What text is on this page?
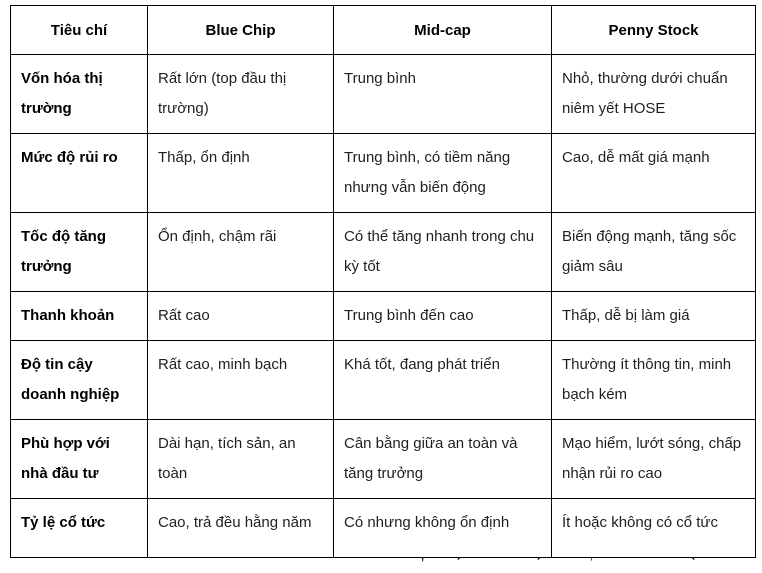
Tiêu chí	Blue Chip	Mid-cap	Penny Stock
Vốn hóa thị trường	Rất lớn (top đầu thị trường)	Trung bình	Nhỏ, thường dưới chuẩn niêm yết HOSE
Mức độ rủi ro	Thấp, ổn định	Trung bình, có tiềm năng nhưng vẫn biến động	Cao, dễ mất giá mạnh
Tốc độ tăng trưởng	Ổn định, chậm rãi	Có thể tăng nhanh trong chu kỳ tốt	Biến động mạnh, tăng sốc giảm sâu
Thanh khoản	Rất cao	Trung bình đến cao	Thấp, dễ bị làm giá
Độ tin cậy doanh nghiệp	Rất cao, minh bạch	Khá tốt, đang phát triển	Thường ít thông tin, minh bạch kém
Phù hợp với nhà đầu tư	Dài hạn, tích sản, an toàn	Cân bằng giữa an toàn và tăng trưởng	Mạo hiểm, lướt sóng, chấp nhận rủi ro cao
Tỷ lệ cổ tức	Cao, trả đều hằng năm	Có nhưng không ổn định	Ít hoặc không có cổ tức
ʼ ˊ	ˊ	ʾ	ˋ
